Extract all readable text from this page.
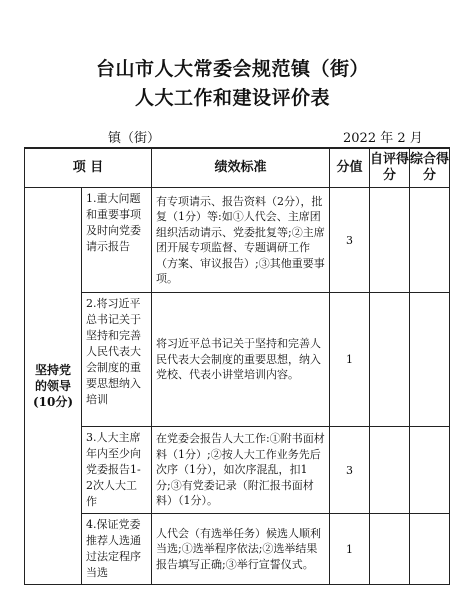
台山市人大常委会规范镇（街）
人大工作和建设评价表
镇（街）	2022 年 2 月
项 目		绩效标准	分值	自评得分	综合得分

坚持党的领导
(10分)	1.重大问题和重要事项及时向党委请示报告	有专项请示、报告资料（2分），批复（1分）等:如①人代会、主席团组织活动请示、党委批复等;②主席团开展专项监督、专题调研工作（方案、审议报告）;③其他重要事项。	3		
	2.将习近平总书记关于坚持和完善人民代表大会制度的重要思想纳入培训	将习近平总书记关于坚持和完善人民代表大会制度的重要思想，纳入党校、代表小讲堂培训内容。	1		
	3.人大主席年内至少向党委报告1-2次人大工作	在党委会报告人大工作:①附书面材料（1分）;②按人大工作业务先后次序（1分），如次序混乱，扣1分;③有党委记录（附汇报书面材料）（1分）。	3		
	4.保证党委推荐人选通过法定程序当选	人代会（有选举任务）候选人顺利当选;①选举程序依法;②选举结果报告填写正确;③举行宣誓仪式。	1		
